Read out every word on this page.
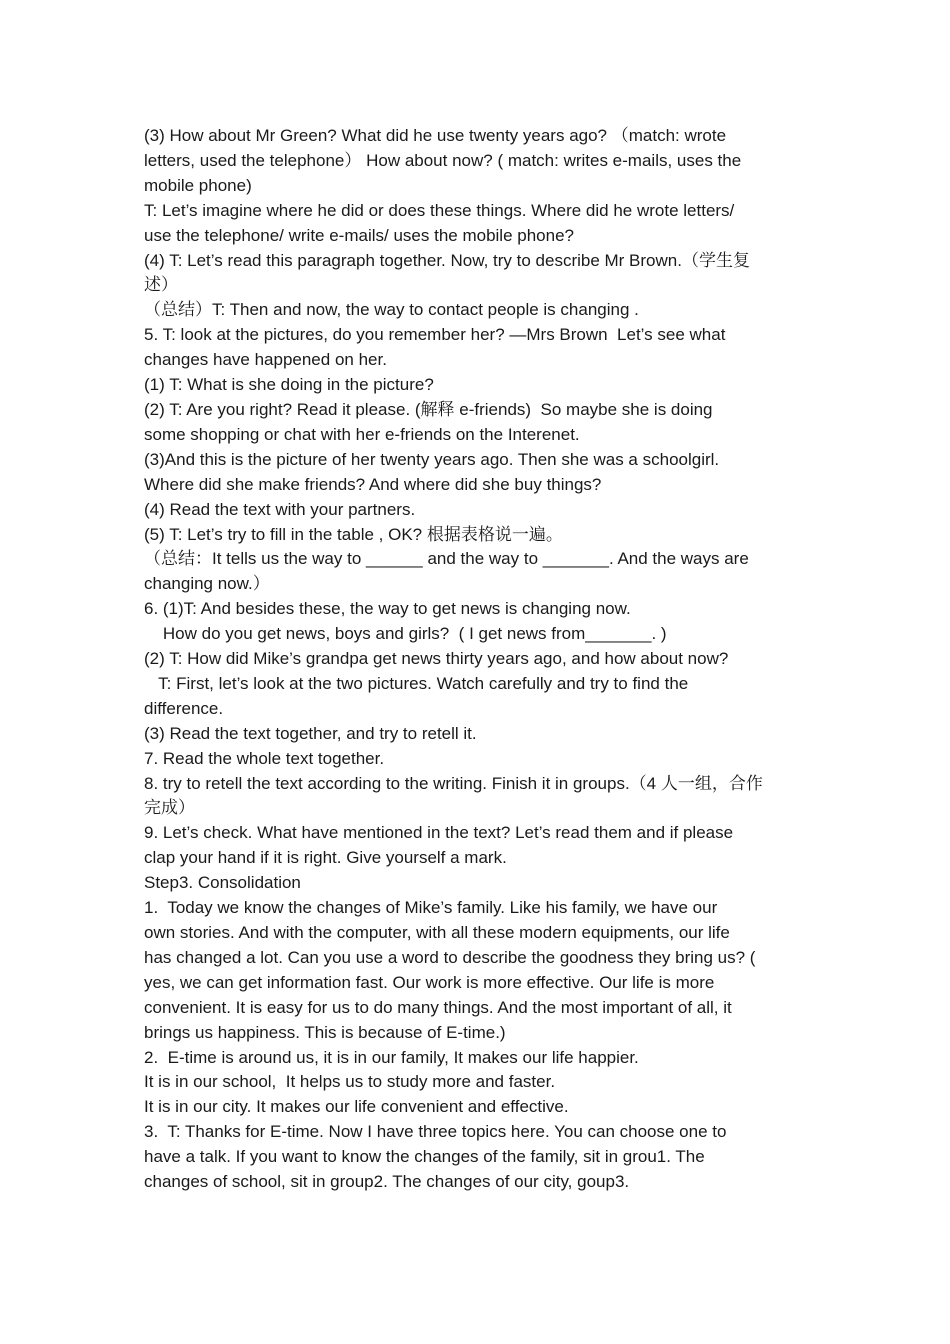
(3) How about Mr Green? What did he use twenty years ago? （match: wrote

letters, used the telephone） How about now? ( match: writes e-mails, uses the

mobile phone)

T: Let’s imagine where he did or does these things. Where did he wrote letters/

use the telephone/ write e-mails/ uses the mobile phone?

(4) T: Let’s read this paragraph together. Now, try to describe Mr Brown.（学生复

述）

（总结）T: Then and now, the way to contact people is changing .

5. T: look at the pictures, do you remember her? —Mrs Brown  Let’s see what

changes have happened on her.

(1) T: What is she doing in the picture?

(2) T: Are you right? Read it please. (解释 e-friends)  So maybe she is doing

some shopping or chat with her e-friends on the Interenet.

(3)And this is the picture of her twenty years ago. Then she was a schoolgirl.

Where did she make friends? And where did she buy things?

(4) Read the text with your partners.

(5) T: Let’s try to fill in the table , OK? 根据表格说一遍。

（总结：It tells us the way to ______ and the way to _______. And the ways are

changing now.）

6. (1)T: And besides these, the way to get news is changing now.

How do you get news, boys and girls?  ( I get news from_______. )

(2) T: How did Mike’s grandpa get news thirty years ago, and how about now?

T: First, let’s look at the two pictures. Watch carefully and try to find the

difference.

(3) Read the text together, and try to retell it.

7. Read the whole text together.

8. try to retell the text according to the writing. Finish it in groups.（4 人一组，合作

完成）

9. Let’s check. What have mentioned in the text? Let’s read them and if please

clap your hand if it is right. Give yourself a mark.

Step3. Consolidation

1.  Today we know the changes of Mike’s family. Like his family, we have our

own stories. And with the computer, with all these modern equipments, our life

has changed a lot. Can you use a word to describe the goodness they bring us? (

yes, we can get information fast. Our work is more effective. Our life is more

convenient. It is easy for us to do many things. And the most important of all, it

brings us happiness. This is because of E-time.)

2.  E-time is around us, it is in our family, It makes our life happier.

It is in our school,  It helps us to study more and faster.

It is in our city. It makes our life convenient and effective.

3.  T: Thanks for E-time. Now I have three topics here. You can choose one to

have a talk. If you want to know the changes of the family, sit in grou1. The

changes of school, sit in group2. The changes of our city, goup3.
